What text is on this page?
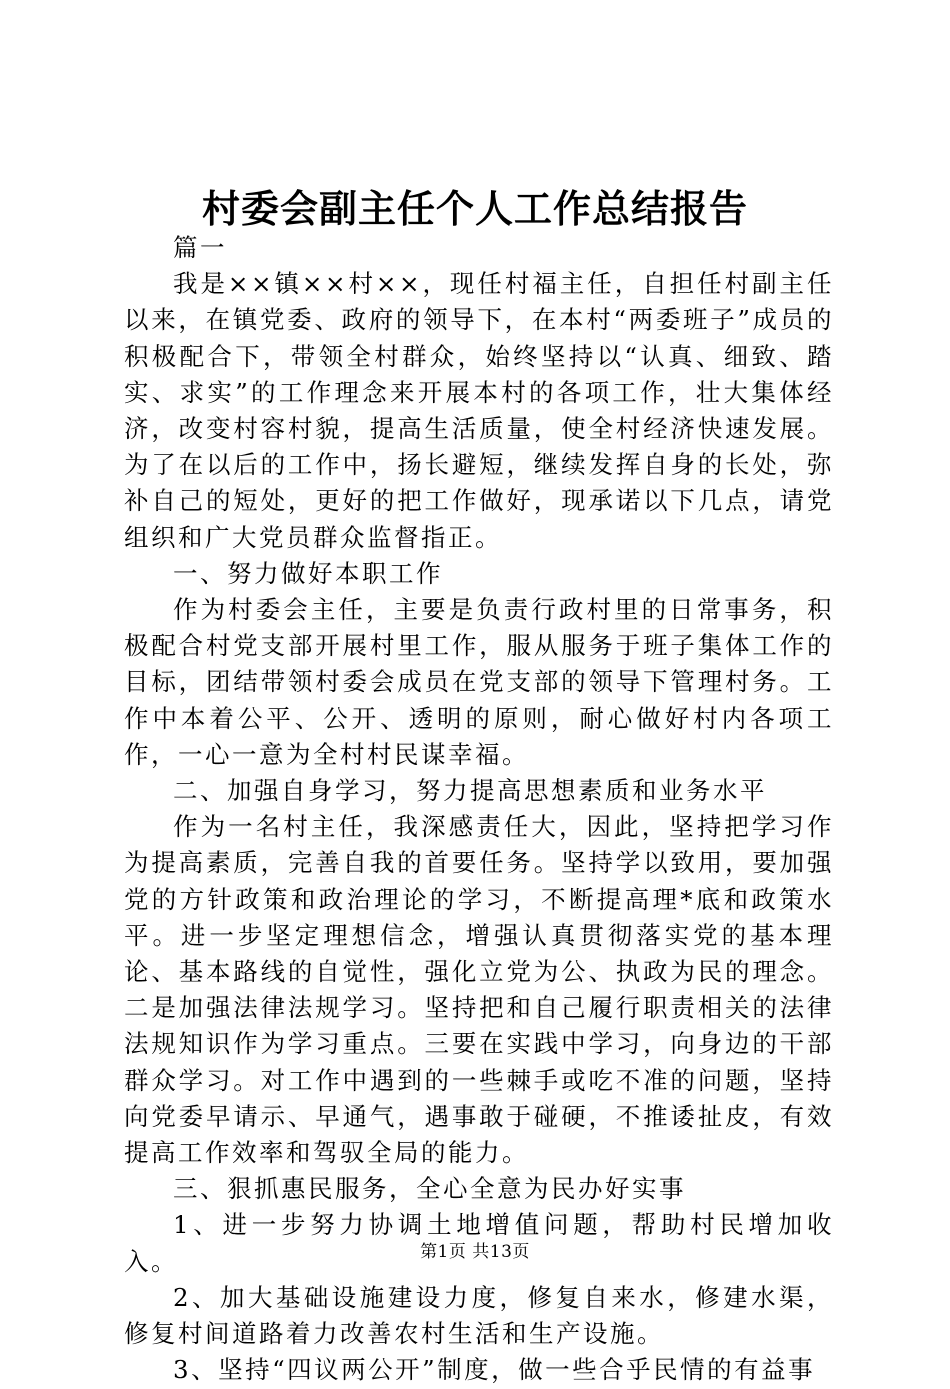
村委会副主任个人工作总结报告

篇一

我是××镇××村××，现任村福主任，自担任村副主任以来，在镇党委、政府的领导下，在本村“两委班子”成员的积极配合下，带领全村群众，始终坚持以“认真、细致、踏实、求实”的工作理念来开展本村的各项工作，壮大集体经济，改变村容村貌，提高生活质量，使全村经济快速发展。为了在以后的工作中，扬长避短，继续发挥自身的长处，弥补自己的短处，更好的把工作做好，现承诺以下几点，请党组织和广大党员群众监督指正。

一、努力做好本职工作

作为村委会主任，主要是负责行政村里的日常事务，积极配合村党支部开展村里工作，服从服务于班子集体工作的目标，团结带领村委会成员在党支部的领导下管理村务。工作中本着公平、公开、透明的原则，耐心做好村内各项工作，一心一意为全村村民谋幸福。

二、加强自身学习，努力提高思想素质和业务水平

作为一名村主任，我深感责任大，因此，坚持把学习作为提高素质，完善自我的首要任务。坚持学以致用，要加强党的方针政策和政治理论的学习，不断提高理*底和政策水平。进一步坚定理想信念，增强认真贯彻落实党的基本理论、基本路线的自觉性，强化立党为公、执政为民的理念。二是加强法律法规学习。坚持把和自己履行职责相关的法律法规知识作为学习重点。三要在实践中学习，向身边的干部群众学习。对工作中遇到的一些棘手或吃不准的问题，坚持向党委早请示、早通气，遇事敢于碰硬，不推诿扯皮，有效提高工作效率和驾驭全局的能力。

三、狠抓惠民服务，全心全意为民办好实事

1、进一步努力协调土地增值问题，帮助村民增加收入。

2、加大基础设施建设力度，修复自来水，修建水渠，修复村间道路着力改善农村生活和生产设施。

3、坚持“四议两公开”制度，做一些合乎民情的有益事

第1页 共13页
